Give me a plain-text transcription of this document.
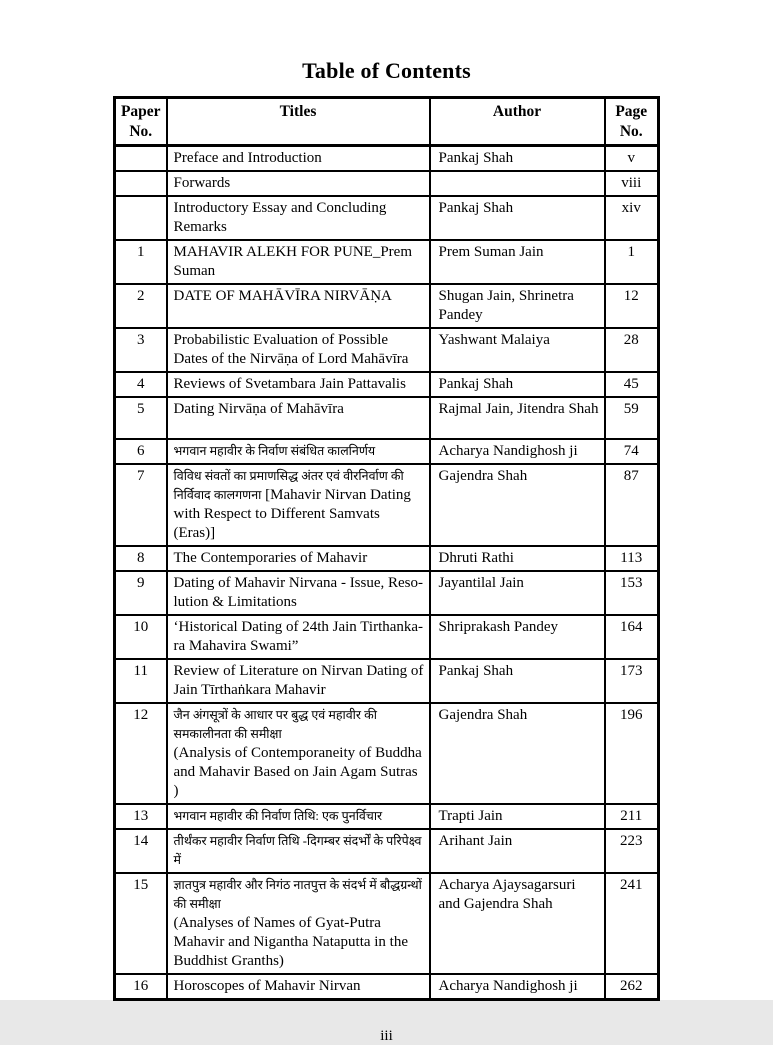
Table of Contents
Paper No.	Titles	Author	Page No.
	Preface and Introduction	Pankaj Shah	v
	Forwards		viii
	Introductory Essay and Concluding Remarks	Pankaj Shah	xiv
1	MAHAVIR ALEKH FOR PUNE_Prem Suman	Prem Suman Jain	1
2	DATE OF MAHĀVĪRA NIRVĀṆA	Shugan Jain, Shrinetra Pandey	12
3	Probabilistic Evaluation of Possible Dates of the Nirvāṇa of Lord Mahāvīra	Yashwant Malaiya	28
4	Reviews of Svetambara Jain Pattavalis	Pankaj Shah	45
5	Dating Nirvāṇa of Mahāvīra	Rajmal Jain, Jitendra Shah	59
6	भगवान महावीर के निर्वाण संबंधित कालनिर्णय	Acharya Nandighosh ji	74
7	विविध संवतों का प्रमाणसिद्ध अंतर एवं वीरनिर्वाण की निर्विवाद कालगणना [Mahavir Nirvan Dating with Respect to Different Samvats (Eras)]	Gajendra Shah	87
8	The Contemporaries of Mahavir	Dhruti Rathi	113
9	Dating of Mahavir Nirvana - Issue, Reso-lution & Limitations	Jayantilal Jain	153
10	‘Historical Dating of 24th Jain Tirthanka-ra Mahavira Swami”	Shriprakash Pandey	164
11	Review of Literature on Nirvan Dating of Jain Tīrthaṅkara Mahavir	Pankaj Shah	173
12	जैन अंगसूत्रों के आधार पर बुद्ध एवं महावीर की समकालीनता की समीक्षा
(Analysis of Contemporaneity of Buddha and Mahavir Based on Jain Agam Sutras )	Gajendra Shah	196
13	भगवान महावीर की निर्वाण तिथि: एक पुनर्विचार	Trapti Jain	211
14	तीर्थंकर महावीर निर्वाण तिथि -दिगम्बर संदर्भों के परिपेक्ष्व में	Arihant Jain	223
15	ज्ञातपुत्र महावीर और निगंठ नातपुत्त के संदर्भ में बौद्धग्रन्थों की समीक्षा
(Analyses of Names of Gyat-Putra Mahavir and Nigantha Nataputta in the Buddhist Granths)	Acharya Ajaysagarsuri and Gajendra Shah	241
16	Horoscopes of Mahavir Nirvan	Acharya Nandighosh ji	262
iii
